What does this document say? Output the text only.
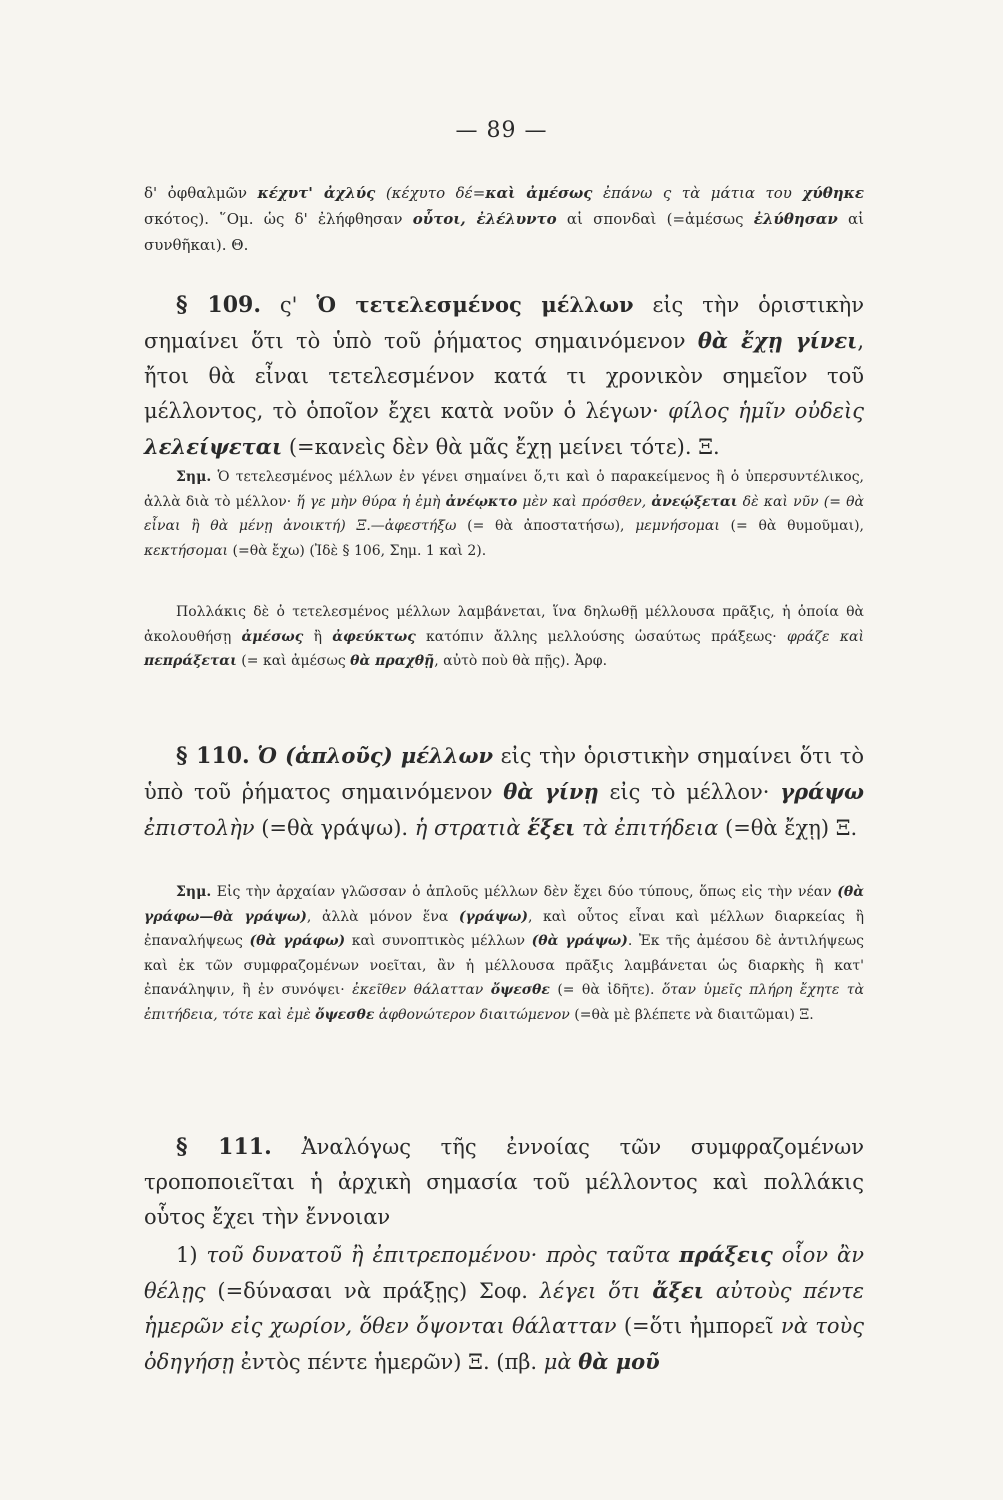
— 89 —

δ' ὀφθαλμῶν κέχυτ' ἀχλύς (κέχυτο δέ=καὶ ἀμέσως ἐπάνω ς τὰ μάτια του χύθηκε σκότος). ῞Ομ. ὡς δ' ἐλήφθησαν οὗτοι, ἐλέλυντο αἱ σπονδαὶ (=ἀμέσως ἐλύθησαν αἱ συνθῆκαι). Θ.

§ 109. ς' Ὁ τετελεσμένος μέλλων εἰς τὴν ὁριστικὴν σημαίνει ὅτι τὸ ὑπὸ τοῦ ῥήματος σημαινόμενον θὰ ἔχῃ γίνει, ἤτοι θὰ εἶναι τετελεσμένον κατά τι χρονικὸν σημεῖον τοῦ μέλλοντος, τὸ ὁποῖον ἔχει κατὰ νοῦν ὁ λέγων· φίλος ἡμῖν οὐδεὶς λελείψεται (=κανεὶς δὲν θὰ μᾶς ἔχῃ μείνει τότε). Ξ.

Σημ. Ὁ τετελεσμένος μέλλων ἐν γένει σημαίνει ὅ,τι καὶ ὁ παρακείμενος ἢ ὁ ὑπερσυντέλικος, ἀλλὰ διὰ τὸ μέλλον· ἥ γε μὴν θύρα ἡ ἐμὴ ἀνέῳκτο μὲν καὶ πρόσθεν, ἀνεῴξεται δὲ καὶ νῦν (= θὰ εἶναι ἢ θὰ μένῃ ἀνοικτή) Ξ.—ἀφεστήξω (= θὰ ἀποστατήσω), μεμνήσομαι (= θὰ θυμοῦμαι), κεκτήσομαι (=θὰ ἔχω) (Ἰδὲ § 106, Σημ. 1 καὶ 2).

Πολλάκις δὲ ὁ τετελεσμένος μέλλων λαμβάνεται, ἵνα δηλωθῇ μέλλουσα πρᾶξις, ἡ ὁποία θὰ ἀκολουθήσῃ ἀμέσως ἢ ἀφεύκτως κατόπιν ἄλλης μελλούσης ὡσαύτως πράξεως· φράζε καὶ πεπράξεται (= καὶ ἀμέσως θὰ πραχθῇ, αὐτὸ ποὺ θὰ πῇς). Ἀρφ.

§ 110. Ὁ (ἁπλοῦς) μέλλων εἰς τὴν ὁριστικὴν σημαίνει ὅτι τὸ ὑπὸ τοῦ ῥήματος σημαινόμενον θὰ γίνῃ εἰς τὸ μέλλον· γράψω ἐπιστολὴν (=θὰ γράψω). ἡ στρατιὰ ἕξει τὰ ἐπιτήδεια (=θὰ ἔχῃ) Ξ.

Σημ. Εἰς τὴν ἀρχαίαν γλῶσσαν ὁ ἁπλοῦς μέλλων δὲν ἔχει δύο τύπους, ὅπως εἰς τὴν νέαν (θὰ γράφω—θὰ γράψω), ἀλλὰ μόνον ἕνα (γράψω), καὶ οὗτος εἶναι καὶ μέλλων διαρκείας ἢ ἐπαναλήψεως (θὰ γράφω) καὶ συνοπτικὸς μέλλων (θὰ γράψω). Ἐκ τῆς ἀμέσου δὲ ἀντιλήψεως καὶ ἐκ τῶν συμφραζομένων νοεῖται, ἂν ἡ μέλλουσα πρᾶξις λαμβάνεται ὡς διαρκὴς ἢ κατ' ἐπανάληψιν, ἢ ἐν συνόψει· ἐκεῖθεν θάλατταν ὄψεσθε (= θὰ ἰδῆτε). ὅταν ὑμεῖς πλήρη ἔχητε τὰ ἐπιτήδεια, τότε καὶ ἐμὲ ὄψεσθε ἀφθονώτερον διαιτώμενον (=θὰ μὲ βλέπετε νὰ διαιτῶμαι) Ξ.

§ 111. Ἀναλόγως τῆς ἐννοίας τῶν συμφραζομένων τροποποιεῖται ἡ ἀρχικὴ σημασία τοῦ μέλλοντος καὶ πολλάκις οὗτος ἔχει τὴν ἔννοιαν

1) τοῦ δυνατοῦ ἢ ἐπιτρεπομένου· πρὸς ταῦτα πράξεις οἷον ἂν θέλῃς (=δύνασαι νὰ πράξῃς) Σοφ. λέγει ὅτι ἄξει αὐτοὺς πέντε ἡμερῶν εἰς χωρίον, ὅθεν ὄψονται θάλατταν (=ὅτι ἠμπορεῖ νὰ τοὺς ὁδηγήσῃ ἐντὸς πέντε ἡμερῶν) Ξ. (πβ. μὰ θὰ μοῦ
